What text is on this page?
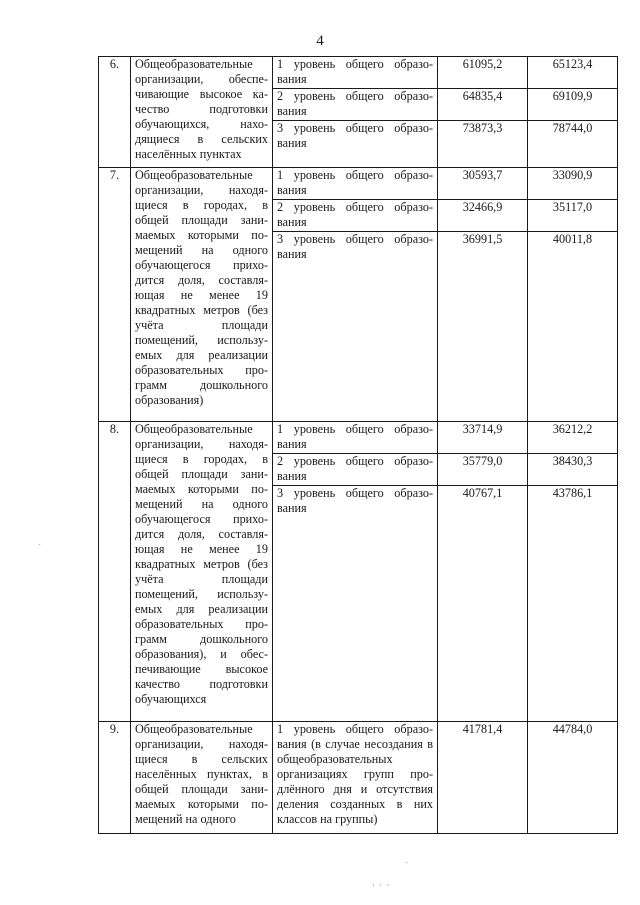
4
6.	Общеобразовательные организации, обеспечивающие высокое качество подготовки обучающихся, находящиеся в сельских населённых пунктах	1 уровень общего образования	61095,2	65123,4
		2 уровень общего образования	64835,4	69109,9
		3 уровень общего образования	73873,3	78744,0
7.	Общеобразовательные организации, находящиеся в городах, в общей площади занимаемых которыми помещений на одного обучающегося приходится доля, составляющая не менее 19 квадратных метров (без учёта площади помещений, используемых для реализации образовательных программ дошкольного образования)	1 уровень общего образования	30593,7	33090,9
		2 уровень общего образования	32466,9	35117,0
		3 уровень общего образования	36991,5	40011,8
8.	Общеобразовательные организации, находящиеся в городах, в общей площади занимаемых которыми помещений на одного обучающегося приходится доля, составляющая не менее 19 квадратных метров (без учёта площади помещений, используемых для реализации образовательных программ дошкольного образования), и обеспечивающие высокое качество подготовки обучающихся	1 уровень общего образования	33714,9	36212,2
		2 уровень общего образования	35779,0	38430,3
		3 уровень общего образования	40767,1	43786,1
9.	Общеобразовательные организации, находящиеся в сельских населённых пунктах, в общей площади занимаемых которыми помещений на одного	1 уровень общего образования (в случае несоздания в общеобразовательных организациях групп продлённого дня и отсутствия деления созданных в них классов на группы)	41781,4	44784,0
·
·
· · ·
